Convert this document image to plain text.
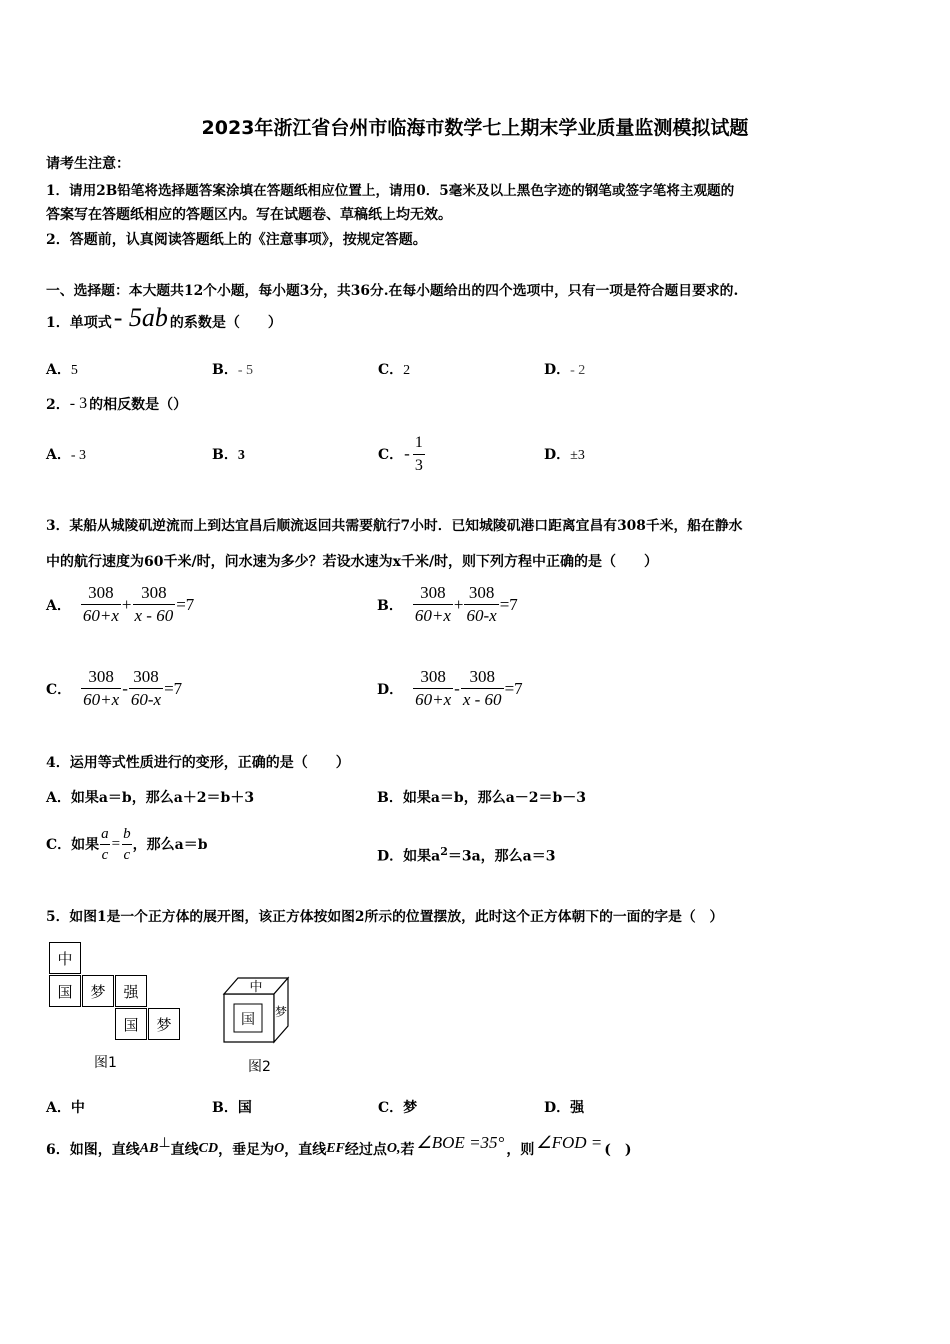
2023年浙江省台州市临海市数学七上期末学业质量监测模拟试题
请考生注意：
1．请用2B铅笔将选择题答案涂填在答题纸相应位置上，请用0．5毫米及以上黑色字迹的钢笔或签字笔将主观题的
答案写在答题纸相应的答题区内。写在试题卷、草稿纸上均无效。
2．答题前，认真阅读答题纸上的《注意事项》，按规定答题。
一、选择题：本大题共12个小题，每小题3分，共36分.在每小题给出的四个选项中，只有一项是符合题目要求的.
1．单项式 - 5ab 的系数是（　　）
A．5	B．- 5	C．2	D．- 2
2． - 3 的相反数是（）
A．- 3	B．3	C． - $\frac{1}{3}$	D．±3
3．某船从城陵矶逆流而上到达宜昌后顺流返回共需要航行7小时．已知城陵矶港口距离宜昌有308千米，船在静水
中的航行速度为60千米/时，问水速为多少？若设水速为x千米/时，则下列方程中正确的是（　　）
A． $\frac{308}{60+x} + \frac{308}{x - 60} =7$	B． $\frac{308}{60+x} + \frac{308}{60-x} =7$
C． $\frac{308}{60+x} - \frac{308}{60-x} =7$	D． $\frac{308}{60+x} - \frac{308}{x - 60} =7$
4．运用等式性质进行的变形，正确的是（　　）
A．如果a＝b，那么a＋2＝b＋3	B．如果a＝b，那么a－2＝b－3
C．如果 $\frac{a}{c} = \frac{b}{c}$ ，那么a＝b
D．如果$a^2=3a$，那么a＝3
5．如图1是一个正方体的展开图，该正方体按如图2所示的位置摆放，此时这个正方体朝下的一面的字是（　）
中
国	梦	强
国	梦
图1
中
国 梦
图2
A．中	B．国	C．梦	D．强
6．如图，直线 AB ⊥ 直线 CD ，垂足为 O ，直线 EF 经过点 O, 若 ∠BOE =35° ，则 ∠FOD = (　)
